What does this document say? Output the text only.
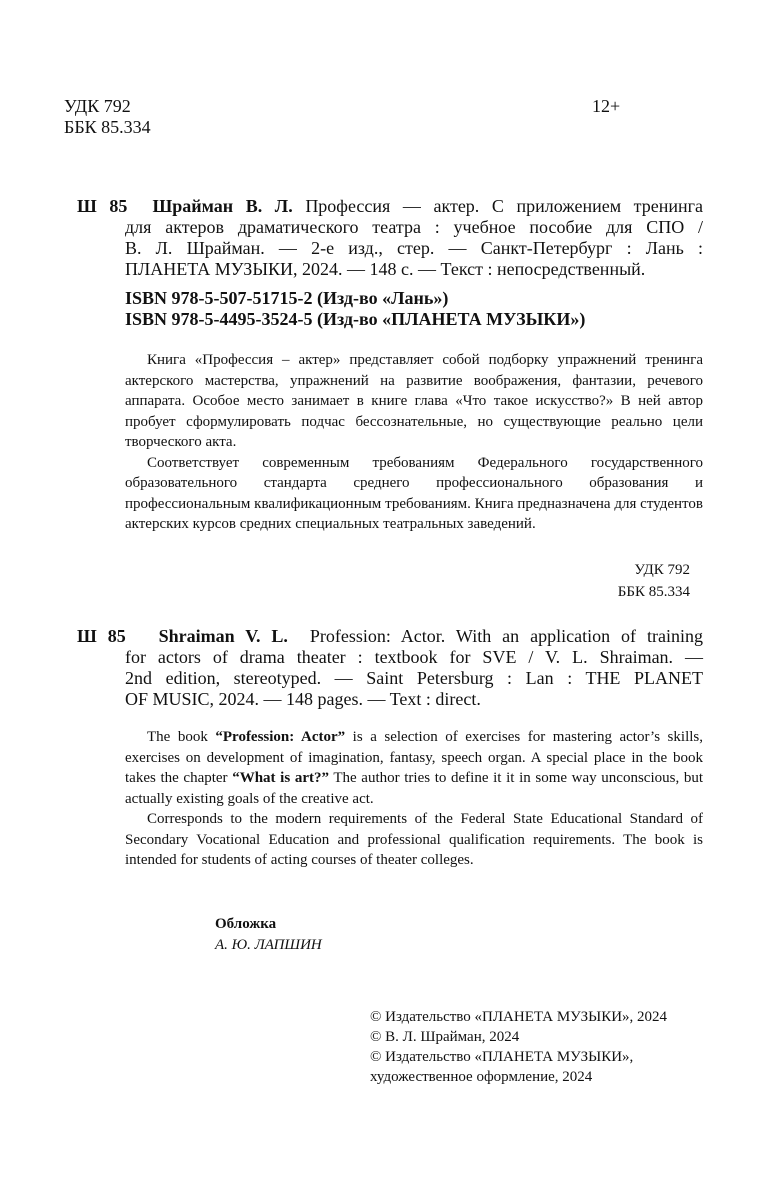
УДК 792
ББК 85.334
12+
Ш 85 Шрайман В. Л. Профессия — актер. С приложением тренинга
для актеров драматического театра : учебное пособие для СПО /
В. Л. Шрайман. — 2-е изд., стер. — Санкт-Петербург : Лань :
ПЛАНЕТА МУЗЫКИ, 2024. — 148 с. — Текст : непосредственный.
ISBN 978-5-507-51715-2 (Изд-во «Лань»)
ISBN 978-5-4495-3524-5 (Изд-во «ПЛАНЕТА МУЗЫКИ»)

Книга «Профессия – актер» представляет собой подборку упражнений тренинга актерского мастерства, упражнений на развитие воображения, фантазии, речевого аппарата. Особое место занимает в книге глава «Что такое искусство?» В ней автор пробует сформулировать подчас бессознательные, но существующие реально цели творческого акта.

Соответствует современным требованиям Федерального государственного образовательного стандарта среднего профессионального образования и профессиональным квалификационным требованиям. Книга предназначена для студентов актерских курсов средних специальных театральных заведений.

УДК 792
ББК 85.334
Ш 85 Shraiman V. L. Profession: Actor. With an application of training
for actors of drama theater : textbook for SVE / V. L. Shraiman. —
2nd edition, stereotyped. — Saint Petersburg : Lan : THE PLANET
OF MUSIC, 2024. — 148 pages. — Text : direct.

The book “Profession: Actor” is a selection of exercises for mastering actor’s skills, exercises on development of imagination, fantasy, speech organ. A special place in the book takes the chapter “What is art?” The author tries to define it it in some way unconscious, but actually existing goals of the creative act.

Corresponds to the modern requirements of the Federal State Educational Standard of Secondary Vocational Education and professional qualification requirements. The book is intended for students of acting courses of theater colleges.

Обложка
А. Ю. ЛАПШИН
© Издательство «ПЛАНЕТА МУЗЫКИ», 2024
© В. Л. Шрайман, 2024
© Издательство «ПЛАНЕТА МУЗЫКИ»,
художественное оформление, 2024
